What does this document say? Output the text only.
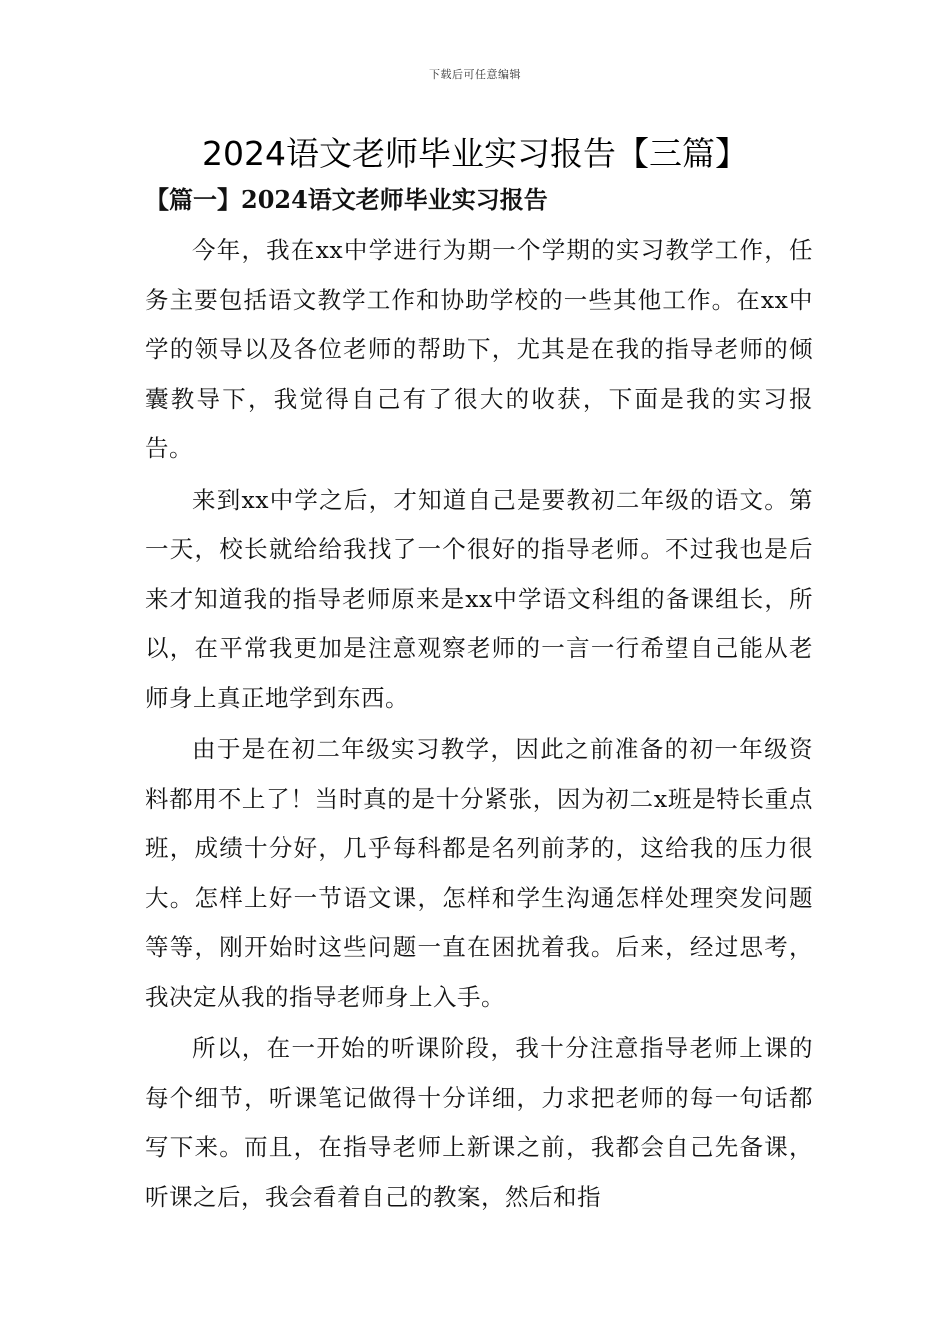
下载后可任意编辑
2024语文老师毕业实习报告【三篇】
【篇一】2024语文老师毕业实习报告

今年，我在xx中学进行为期一个学期的实习教学工作，任务主要包括语文教学工作和协助学校的一些其他工作。在xx中学的领导以及各位老师的帮助下，尤其是在我的指导老师的倾囊教导下，我觉得自己有了很大的收获，下面是我的实习报告。

来到xx中学之后，才知道自己是要教初二年级的语文。第一天，校长就给给我找了一个很好的指导老师。不过我也是后来才知道我的指导老师原来是xx中学语文科组的备课组长，所以，在平常我更加是注意观察老师的一言一行希望自己能从老师身上真正地学到东西。

由于是在初二年级实习教学，因此之前准备的初一年级资料都用不上了！当时真的是十分紧张，因为初二x班是特长重点班，成绩十分好，几乎每科都是名列前茅的，这给我的压力很大。怎样上好一节语文课，怎样和学生沟通怎样处理突发问题等等，刚开始时这些问题一直在困扰着我。后来，经过思考，我决定从我的指导老师身上入手。

所以，在一开始的听课阶段，我十分注意指导老师上课的每个细节，听课笔记做得十分详细，力求把老师的每一句话都写下来。而且，在指导老师上新课之前，我都会自己先备课，听课之后，我会看着自己的教案，然后和指
